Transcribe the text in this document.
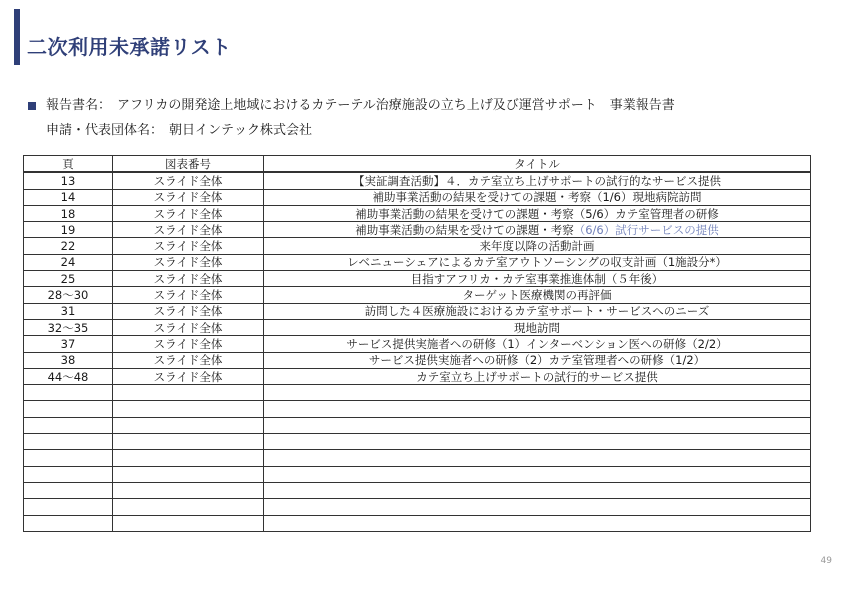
二次利用未承諾リスト
報告書名： アフリカの開発途上地域におけるカテーテル治療施設の立ち上げ及び運営サポート　事業報告書
申請・代表団体名： 朝日インテック株式会社
頁	図表番号	タイトル
13	スライド全体	【実証調査活動】４．カテ室立ち上げサポートの試行的なサービス提供
14	スライド全体	補助事業活動の結果を受けての課題・考察（1/6）現地病院訪問
18	スライド全体	補助事業活動の結果を受けての課題・考察（5/6）カテ室管理者の研修
19	スライド全体	補助事業活動の結果を受けての課題・考察（6/6）試行サービスの提供
22	スライド全体	来年度以降の活動計画
24	スライド全体	レベニューシェアによるカテ室アウトソーシングの収支計画（1施設分*）
25	スライド全体	目指すアフリカ・カテ室事業推進体制（５年後）
28～30	スライド全体	ターゲット医療機関の再評価
31	スライド全体	訪問した４医療施設におけるカテ室サポート・サービスへのニーズ
32～35	スライド全体	現地訪問
37	スライド全体	サービス提供実施者への研修（1）インターベンション医への研修（2/2）
38	スライド全体	サービス提供実施者への研修（2）カテ室管理者への研修（1/2）
44～48	スライド全体	カテ室立ち上げサポートの試行的サービス提供

49
